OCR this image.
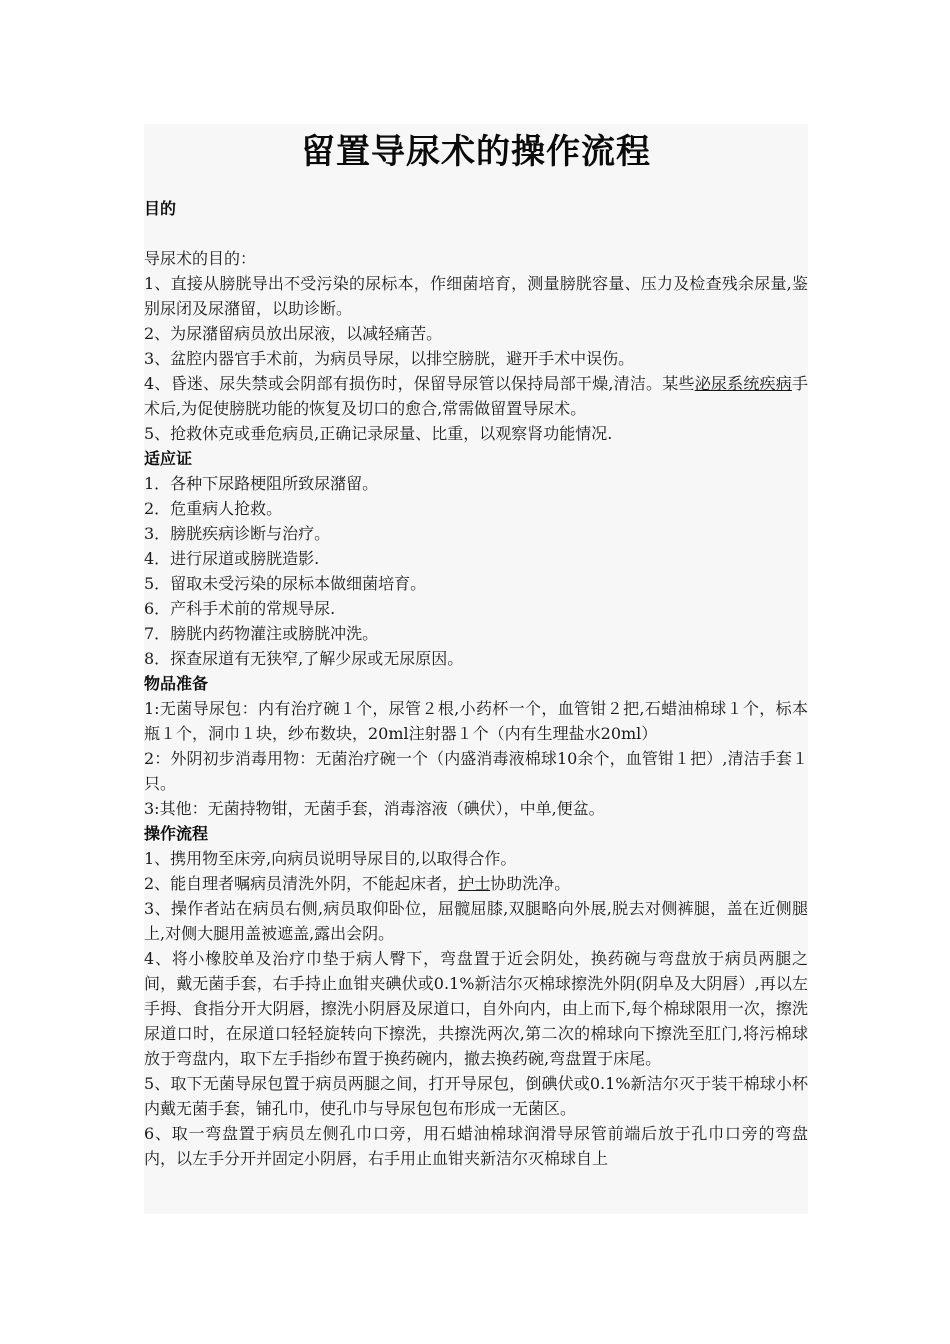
留置导尿术的操作流程
目的

导尿术的目的：

1、直接从膀胱导出不受污染的尿标本，作细菌培育，测量膀胱容量、压力及检查残余尿量,鉴别尿闭及尿潴留，以助诊断。

2、为尿潴留病员放出尿液，以减轻痛苦。

3、盆腔内器官手术前，为病员导尿，以排空膀胱，避开手术中误伤。

4、昏迷、尿失禁或会阴部有损伤时，保留导尿管以保持局部干燥,清洁。某些泌尿系统疾病手术后,为促使膀胱功能的恢复及切口的愈合,常需做留置导尿术。

5、抢救休克或垂危病员,正确记录尿量、比重，以观察肾功能情况.

适应证

1．各种下尿路梗阻所致尿潴留。

2．危重病人抢救。

3．膀胱疾病诊断与治疗。

4．进行尿道或膀胱造影.

5．留取未受污染的尿标本做细菌培育。

6．产科手术前的常规导尿.

7．膀胱内药物灌注或膀胱冲洗。

8．探查尿道有无狭窄,了解少尿或无尿原因。

物品准备

1:无菌导尿包：内有治疗碗１个，尿管２根,小药杯一个，血管钳２把,石蜡油棉球１个，标本瓶１个，洞巾１块，纱布数块，20ml注射器１个（内有生理盐水20ml）

2：外阴初步消毒用物：无菌治疗碗一个（内盛消毒液棉球10余个，血管钳１把）,清洁手套１只。

3:其他：无菌持物钳，无菌手套，消毒溶液（碘伏），中单,便盆。

操作流程

1、携用物至床旁,向病员说明导尿目的,以取得合作。

2、能自理者嘱病员清洗外阴，不能起床者，护士协助洗净。

3、操作者站在病员右侧,病员取仰卧位，屈髋屈膝,双腿略向外展,脱去对侧裤腿，盖在近侧腿上,对侧大腿用盖被遮盖,露出会阴。

4、将小橡胶单及治疗巾垫于病人臀下，弯盘置于近会阴处，换药碗与弯盘放于病员两腿之间，戴无菌手套，右手持止血钳夹碘伏或0.1%新洁尔灭棉球擦洗外阴(阴阜及大阴唇）,再以左手拇、食指分开大阴唇，擦洗小阴唇及尿道口，自外向内，由上而下,每个棉球限用一次，擦洗尿道口时，在尿道口轻轻旋转向下擦洗，共擦洗两次,第二次的棉球向下擦洗至肛门,将污棉球放于弯盘内，取下左手指纱布置于换药碗内，撤去换药碗,弯盘置于床尾。

5、取下无菌导尿包置于病员两腿之间，打开导尿包，倒碘伏或0.1%新洁尔灭于装干棉球小杯内戴无菌手套，铺孔巾，使孔巾与导尿包包布形成一无菌区。

6、取一弯盘置于病员左侧孔巾口旁，用石蜡油棉球润滑导尿管前端后放于孔巾口旁的弯盘内，以左手分开并固定小阴唇，右手用止血钳夹新洁尔灭棉球自上
